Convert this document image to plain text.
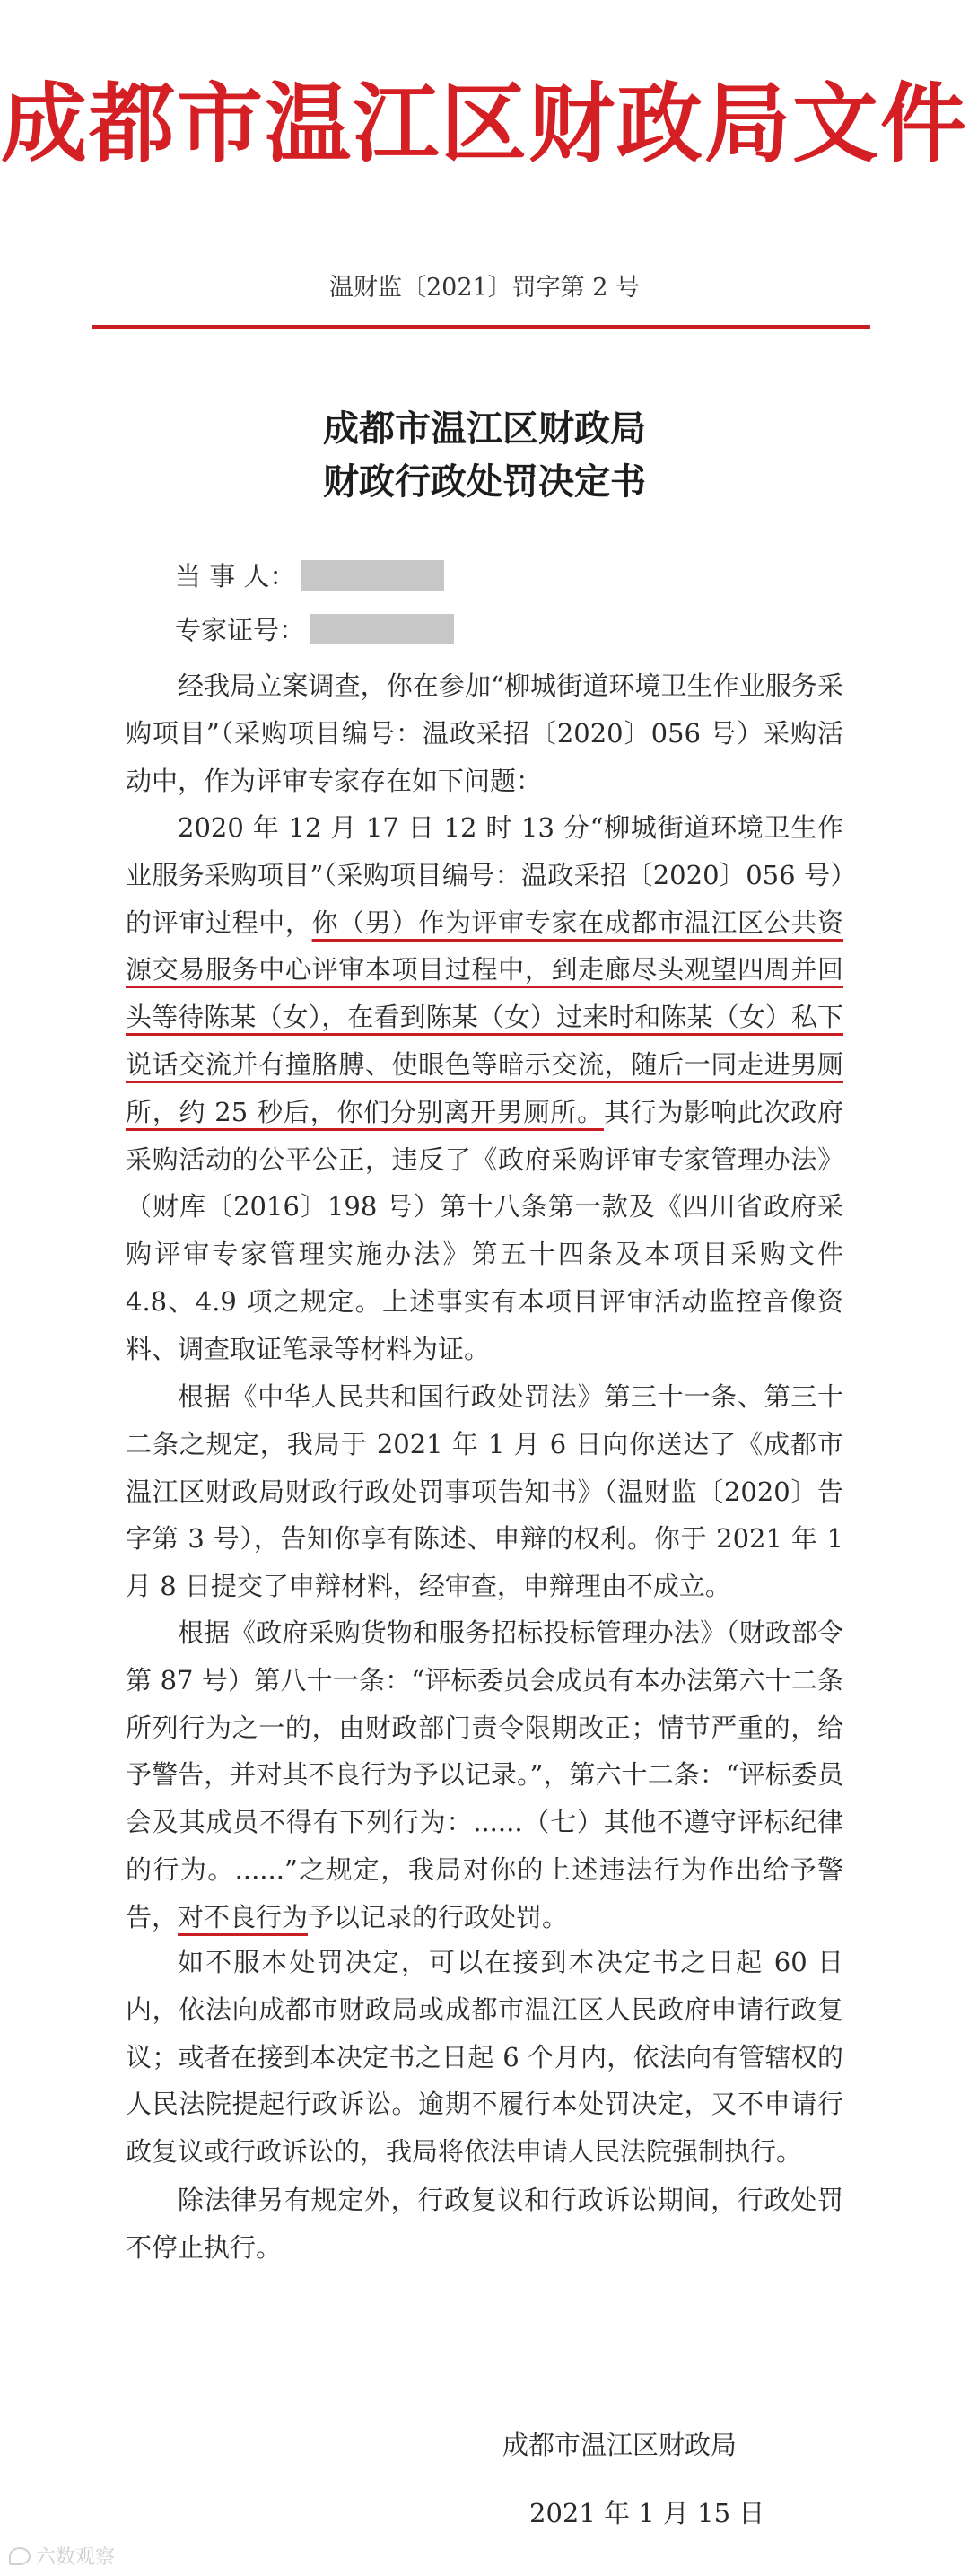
成都市温江区财政局文件
温财监〔2021〕罚字第 2 号
成都市温江区财政局
财政行政处罚决定书
当 事 人：
专家证号：

经我局立案调查，你在参加“柳城街道环境卫生作业服务采购项目”（采购项目编号：温政采招〔2020〕056 号）采购活动中，作为评审专家存在如下问题：

2020 年 12 月 17 日 12 时 13 分“柳城街道环境卫生作业服务采购项目”（采购项目编号：温政采招〔2020〕056 号）的评审过程中，你（男）作为评审专家在成都市温江区公共资源交易服务中心评审本项目过程中，到走廊尽头观望四周并回头等待陈某（女），在看到陈某（女）过来时和陈某（女）私下说话交流并有撞胳膊、使眼色等暗示交流，随后一同走进男厕所，约 25 秒后，你们分别离开男厕所。其行为影响此次政府采购活动的公平公正，违反了《政府采购评审专家管理办法》（财库〔2016〕198 号）第十八条第一款及《四川省政府采购评审专家管理实施办法》第五十四条及本项目采购文件 4.8、4.9 项之规定。上述事实有本项目评审活动监控音像资料、调查取证笔录等材料为证。

根据《中华人民共和国行政处罚法》第三十一条、第三十二条之规定，我局于 2021 年 1 月 6 日向你送达了《成都市温江区财政局财政行政处罚事项告知书》（温财监〔2020〕告字第 3 号），告知你享有陈述、申辩的权利。你于 2021 年 1 月 8 日提交了申辩材料，经审查，申辩理由不成立。

根据《政府采购货物和服务招标投标管理办法》（财政部令第 87 号）第八十一条：“评标委员会成员有本办法第六十二条所列行为之一的，由财政部门责令限期改正；情节严重的，给予警告，并对其不良行为予以记录。”，第六十二条：“评标委员会及其成员不得有下列行为：......（七）其他不遵守评标纪律的行为。......”之规定，我局对你的上述违法行为作出给予警告，对不良行为予以记录的行政处罚。

如不服本处罚决定，可以在接到本决定书之日起 60 日内，依法向成都市财政局或成都市温江区人民政府申请行政复议；或者在接到本决定书之日起 6 个月内，依法向有管辖权的人民法院提起行政诉讼。逾期不履行本处罚决定，又不申请行政复议或行政诉讼的，我局将依法申请人民法院强制执行。

除法律另有规定外，行政复议和行政诉讼期间，行政处罚不停止执行。

成都市温江区财政局
2021 年 1 月 15 日
六数观察
